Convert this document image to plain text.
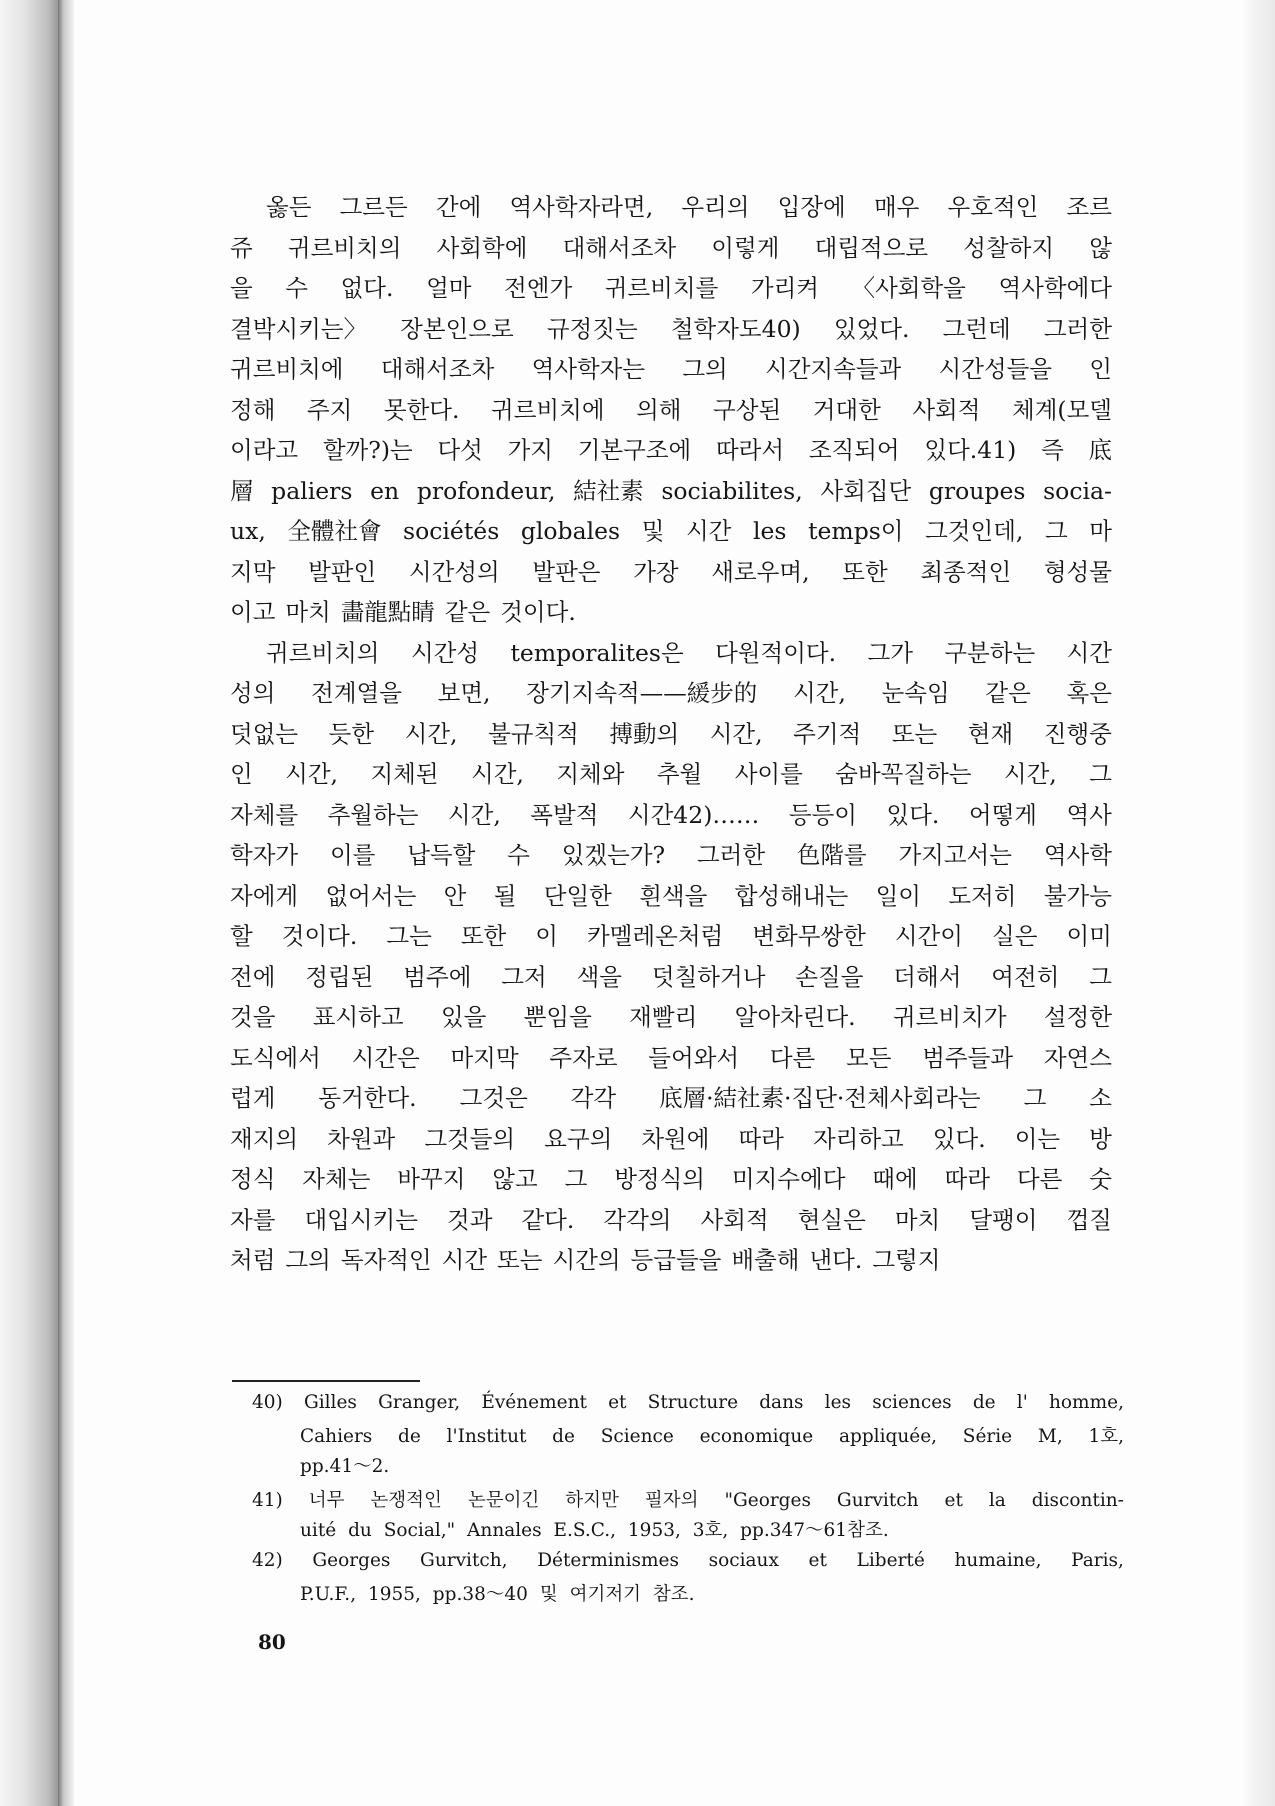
옳든 그르든 간에 역사학자라면, 우리의 입장에 매우 우호적인 조르
쥬 귀르비치의 사회학에 대해서조차 이렇게 대립적으로 성찰하지 않
을 수 없다. 얼마 전엔가 귀르비치를 가리켜 〈사회학을 역사학에다
결박시키는〉 장본인으로 규정짓는 철학자도40) 있었다. 그런데 그러한
귀르비치에 대해서조차 역사학자는 그의 시간지속들과 시간성들을 인
정해 주지 못한다. 귀르비치에 의해 구상된 거대한 사회적 체계(모델
이라고 할까?)는 다섯 가지 기본구조에 따라서 조직되어 있다.41) 즉 底
層 paliers en profondeur, 結社素 sociabilites, 사회집단 groupes socia-
ux, 全體社會 sociétés globales 및 시간 les temps이 그것인데, 그 마
지막 발판인 시간성의 발판은 가장 새로우며, 또한 최종적인 형성물
이고 마치 畵龍點睛 같은 것이다.
귀르비치의 시간성 temporalites은 다원적이다. 그가 구분하는 시간
성의 전계열을 보면, 장기지속적——緩步的 시간, 눈속임 같은 혹은
덧없는 듯한 시간, 불규칙적 搏動의 시간, 주기적 또는 현재 진행중
인 시간, 지체된 시간, 지체와 추월 사이를 숨바꼭질하는 시간, 그
자체를 추월하는 시간, 폭발적 시간42)…… 등등이 있다. 어떻게 역사
학자가 이를 납득할 수 있겠는가? 그러한 色階를 가지고서는 역사학
자에게 없어서는 안 될 단일한 흰색을 합성해내는 일이 도저히 불가능
할 것이다. 그는 또한 이 카멜레온처럼 변화무쌍한 시간이 실은 이미
전에 정립된 범주에 그저 색을 덧칠하거나 손질을 더해서 여전히 그
것을 표시하고 있을 뿐임을 재빨리 알아차린다. 귀르비치가 설정한
도식에서 시간은 마지막 주자로 들어와서 다른 모든 범주들과 자연스
럽게 동거한다. 그것은 각각 底層·結社素·집단·전체사회라는 그 소
재지의 차원과 그것들의 요구의 차원에 따라 자리하고 있다. 이는 방
정식 자체는 바꾸지 않고 그 방정식의 미지수에다 때에 따라 다른 숫
자를 대입시키는 것과 같다. 각각의 사회적 현실은 마치 달팽이 껍질
처럼 그의 독자적인 시간 또는 시간의 등급들을 배출해 낸다. 그렇지
40) Gilles Granger, Événement et Structure dans les sciences de l' homme,
Cahiers de l'Institut de Science economique appliquée, Série M, 1호,
pp.41～2.
41) 너무 논쟁적인 논문이긴 하지만 필자의 "Georges Gurvitch et la discontin-
uité du Social," Annales E.S.C., 1953, 3호, pp.347～61참조.
42) Georges Gurvitch, Déterminismes sociaux et Liberté humaine, Paris,
P.U.F., 1955, pp.38～40 및 여기저기 참조.
80
